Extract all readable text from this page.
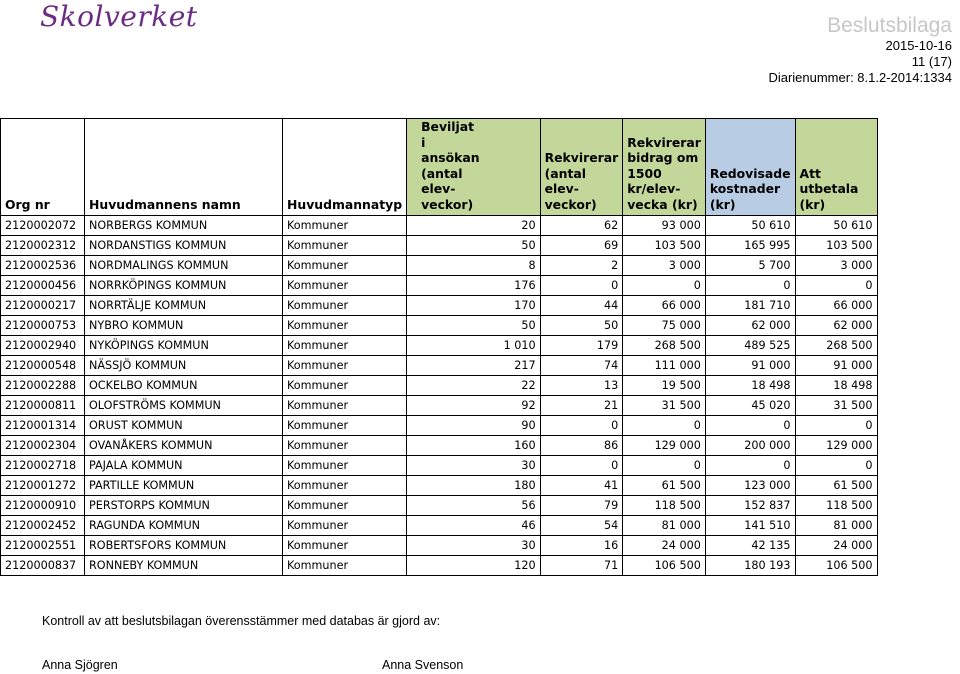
Skolverket	Beslutsbilaga
2015-10-16
11 (17)
Diarienummer: 8.1.2-2014:1334
Org nr	Huvudmannens namn	Huvudmannatyp	Beviljat i ansökan (antal elev-veckor)	Rekvirerar (antal elev-veckor)	Rekvirerar bidrag om 1500 kr/elev-vecka (kr)	Redovisade kostnader (kr)	Att utbetala (kr)
2120002072	NORBERGS KOMMUN	Kommuner	20	62	93 000	50 610	50 610
2120002312	NORDANSTIGS KOMMUN	Kommuner	50	69	103 500	165 995	103 500
2120002536	NORDMALINGS KOMMUN	Kommuner	8	2	3 000	5 700	3 000
2120000456	NORRKÖPINGS KOMMUN	Kommuner	176	0	0	0	0
2120000217	NORRTÄLJE KOMMUN	Kommuner	170	44	66 000	181 710	66 000
2120000753	NYBRO KOMMUN	Kommuner	50	50	75 000	62 000	62 000
2120002940	NYKÖPINGS KOMMUN	Kommuner	1 010	179	268 500	489 525	268 500
2120000548	NÄSSJÖ KOMMUN	Kommuner	217	74	111 000	91 000	91 000
2120002288	OCKELBO KOMMUN	Kommuner	22	13	19 500	18 498	18 498
2120000811	OLOFSTRÖMS KOMMUN	Kommuner	92	21	31 500	45 020	31 500
2120001314	ORUST KOMMUN	Kommuner	90	0	0	0	0
2120002304	OVANÅKERS KOMMUN	Kommuner	160	86	129 000	200 000	129 000
2120002718	PAJALA KOMMUN	Kommuner	30	0	0	0	0
2120001272	PARTILLE KOMMUN	Kommuner	180	41	61 500	123 000	61 500
2120000910	PERSTORPS KOMMUN	Kommuner	56	79	118 500	152 837	118 500
2120002452	RAGUNDA KOMMUN	Kommuner	46	54	81 000	141 510	81 000
2120002551	ROBERTSFORS KOMMUN	Kommuner	30	16	24 000	42 135	24 000
2120000837	RONNEBY KOMMUN	Kommuner	120	71	106 500	180 193	106 500
Kontroll av att beslutsbilagan överensstämmer med databas är gjord av:
Anna Sjögren	Anna Svenson
